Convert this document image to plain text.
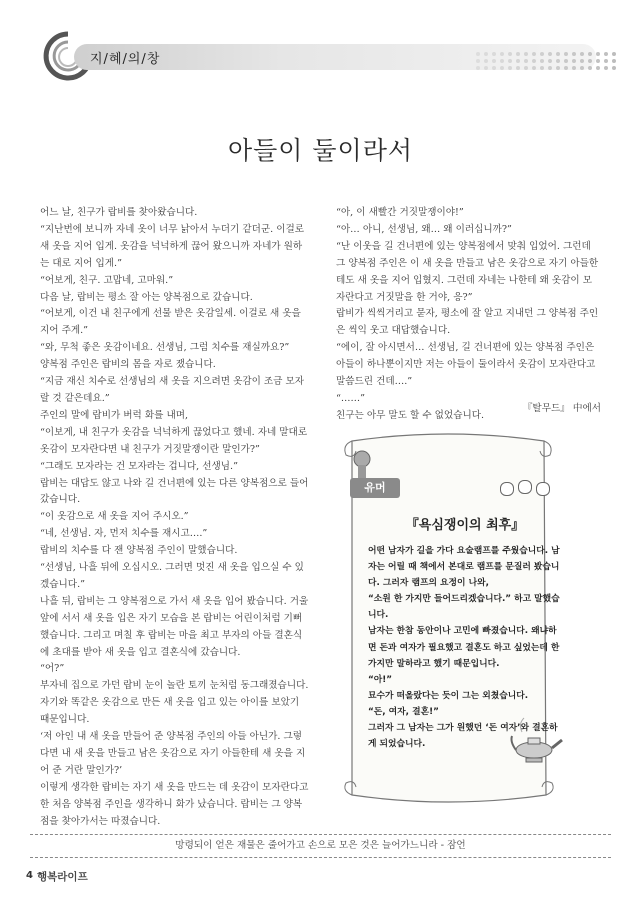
지/혜/의/창
아들이 둘이라서

어느 날, 친구가 랍비를 찾아왔습니다.

“지난번에 보니까 자네 옷이 너무 낡아서 누더기 같더군. 이걸로 새 옷을 지어 입게. 옷감을 넉넉하게 끊어 왔으니까 자네가 원하는 대로 지어 입게.”

“어보게, 친구. 고맙네, 고마워.”

다음 날, 랍비는 평소 잘 아는 양복점으로 갔습니다.

“어보게, 이건 내 친구에게 선물 받은 옷감일세. 이걸로 새 옷을 지어 주게.”

“와, 무척 좋은 옷감이네요. 선생님, 그럼 치수를 재실까요?”

양복점 주인은 랍비의 몸을 자로 쟀습니다.

“지금 재신 치수로 선생님의 새 옷을 지으려면 옷감이 조금 모자랄 것 같은데요.”

주인의 말에 랍비가 버럭 화를 내며,

“이보게, 내 친구가 옷감을 넉넉하게 끊었다고 했네. 자네 말대로 옷감이 모자란다면 내 친구가 거짓말쟁이란 말인가?”

“그래도 모자라는 건 모자라는 겁니다, 선생님.”

랍비는 대답도 않고 나와 길 건너편에 있는 다른 양복점으로 들어갔습니다.

“이 옷감으로 새 옷을 지어 주시오.”

“네, 선생님. 자, 먼저 치수를 재시고….”

랍비의 치수를 다 잰 양복점 주인이 말했습니다.

“선생님, 나흘 뒤에 오십시오. 그러면 멋진 새 옷을 입으실 수 있겠습니다.”

나흘 뒤, 랍비는 그 양복점으로 가서 새 옷을 입어 봤습니다. 거울 앞에 서서 새 옷을 입은 자기 모습을 본 랍비는 어린이처럼 기뻐했습니다. 그리고 며칠 후 랍비는 마을 최고 부자의 아들 결혼식에 초대를 받아 새 옷을 입고 결혼식에 갔습니다.

“어?”

부자네 집으로 가던 랍비 눈이 놀란 토끼 눈처럼 동그래졌습니다. 자기와 똑같은 옷감으로 만든 새 옷을 입고 있는 아이를 보았기 때문입니다.

‘저 아인 내 새 옷을 만들어 준 양복점 주인의 아들 아닌가. 그렇다면 내 새 옷을 만들고 남은 옷감으로 자기 아들한테 새 옷을 지어 준 거란 말인가?’

이렇게 생각한 랍비는 자기 새 옷을 만드는 데 옷감이 모자란다고 한 처음 양복점 주인을 생각하니 화가 났습니다. 랍비는 그 양복점을 찾아가서는 따졌습니다.

“아, 이 새빨간 거짓말쟁이야!”

“아… 아니, 선생님, 왜… 왜 이러십니까?”

“난 이웃을 길 건너편에 있는 양복점에서 맞춰 입었어. 그런데 그 양복점 주인은 이 새 옷을 만들고 남은 옷감으로 자기 아들한테도 새 옷을 지어 입혔지. 그런데 자네는 나한테 왜 옷감이 모자란다고 거짓말을 한 거야, 응?”

랍비가 씩씩거리고 묻자, 평소에 잘 알고 지내던 그 양복점 주인은 씩익 웃고 대답했습니다.

“에이, 잘 아시면서… 선생님, 길 건너편에 있는 양복점 주인은 아들이 하나뿐이지만 저는 아들이 둘이라서 옷감이 모자란다고 말씀드린 건데….”

“……”

친구는 아무 말도 할 수 없었습니다.

『탈무드』 中에서
유머
『욕심쟁이의 최후』

어떤 남자가 길을 가다 요술램프를 주웠습니다. 남자는 어릴 때 책에서 본대로 램프를 문질러 봤습니다. 그러자 램프의 요정이 나와,

“소원 한 가지만 들어드리겠습니다.” 하고 말했습니다.

남자는 한참 동안이나 고민에 빠졌습니다. 왜냐하면 돈과 여자가 필요했고 결혼도 하고 싶었는데 한 가지만 말하라고 했기 때문입니다.

“아!”

묘수가 떠올랐다는 듯이 그는 외쳤습니다.

“돈, 여자, 결혼!”

그러자 그 남자는 그가 원했던 ‘돈 여자’와 결혼하게 되었습니다.

망령되이 얻은 재물은 줄어가고 손으로 모은 것은 늘어가느니라 - 잠언
4 행복라이프
